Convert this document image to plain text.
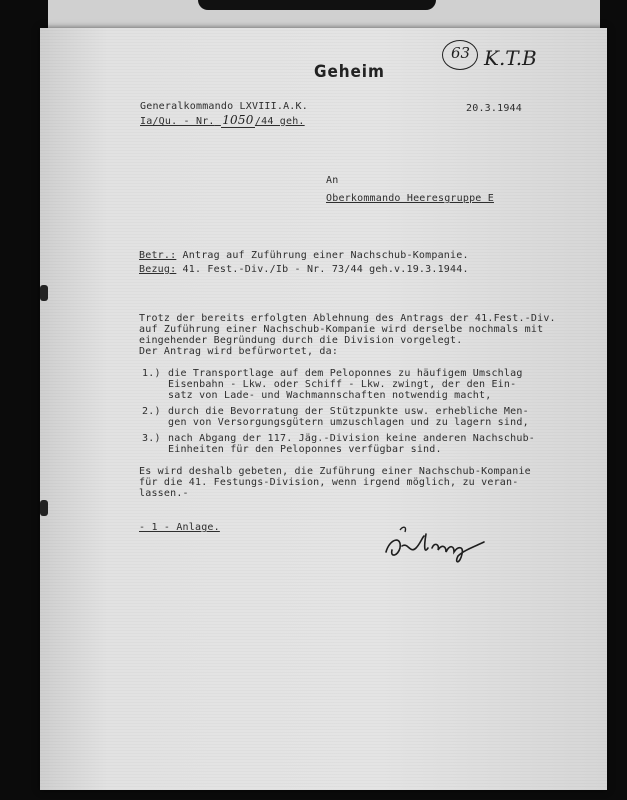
Geheim
63 K.T.B
Generalkommando LXVIII.A.K.
Ia/Qu. - Nr. 1050/44 geh.
20.3.1944
An
Oberkommando Heeresgruppe E
Betr.: Antrag auf Zuführung einer Nachschub-Kompanie.
Bezug: 41. Fest.-Div./Ib - Nr. 73/44 geh.v.19.3.1944.
Trotz der bereits erfolgten Ablehnung des Antrags der 41.Fest.-Div.
auf Zuführung einer Nachschub-Kompanie wird derselbe nochmals mit
eingehender Begründung durch die Division vorgelegt.
Der Antrag wird befürwortet, da:
1.) die Transportlage auf dem Peloponnes zu häufigem Umschlag
Eisenbahn - Lkw. oder Schiff - Lkw. zwingt, der den Ein-
satz von Lade- und Wachmannschaften notwendig macht,
2.) durch die Bevorratung der Stützpunkte usw. erhebliche Men-
gen von Versorgungsgütern umzuschlagen und zu lagern sind,
3.) nach Abgang der 117. Jäg.-Division keine anderen Nachschub-
Einheiten für den Peloponnes verfügbar sind.
Es wird deshalb gebeten, die Zuführung einer Nachschub-Kompanie
für die 41. Festungs-Division, wenn irgend möglich, zu veran-
lassen.-
- 1 - Anlage.
